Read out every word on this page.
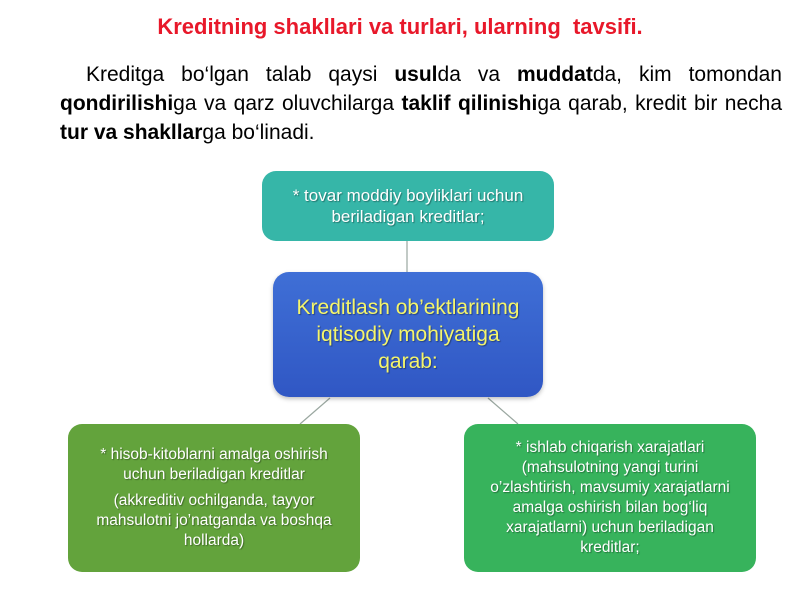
Kreditning shakllari va turlari, ularning  tavsifi.
Kreditga bo‘lgan talab qaysi usulda va muddatda, kim tomondan qondirilishiga va qarz oluvchilarga taklif qilinishiga qarab, kredit bir necha tur va shakllarga bo‘linadi.
* tovar moddiy boyliklari uchun beriladigan kreditlar;
Kreditlash ob’ektlarining iqtisodiy mohiyatiga qarab:
* hisob-kitoblarni amalga oshirish uchun beriladigan kreditlar
(akkreditiv ochilganda, tayyor mahsulotni jo’natganda va boshqa hollarda)
* ishlab chiqarish xarajatlari (mahsulotning yangi turini o’zlashtirish, mavsumiy xarajatlarni amalga oshirish bilan bog‘liq xarajatlarni) uchun beriladigan kreditlar;
